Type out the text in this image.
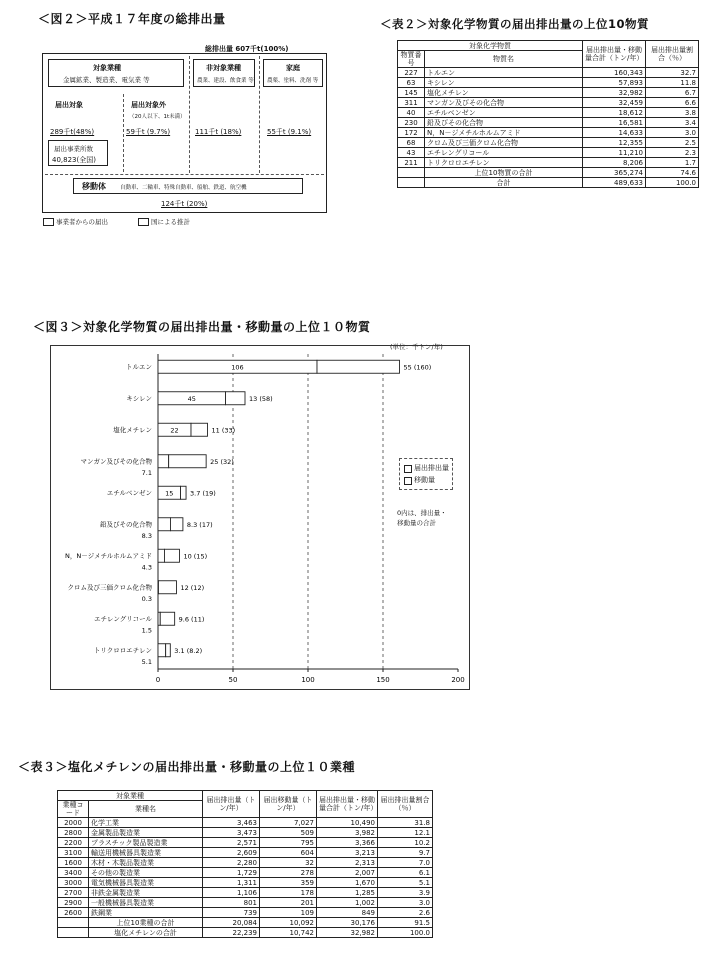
＜図２＞平成１７年度の総排出量
総排出量 607千t(100%)
対象業種
金属鉱業、製造業、電気業 等
届出対象	届出対象外
（20人以下、1t未満）
289千t(48%)	59千t (9.7%)
届出事業所数
40,823(全国)
非対象業種
農業、建設、飲食業 等
111千t (18%)
家庭
農薬、塗料、洗剤 等
55千t (9.1%)
移動体	自動車、二輪車、特殊自動車、船舶、鉄道、航空機
124千t (20%)
事業者からの届出	国による推計
＜表２＞対象化学物質の届出排出量の上位10物質
対象化学物質		届出排出量・移動量合計（トン/年）	届出排出量割合（％）
物質番号	物質名		
227	トルエン	160,343	32.7
63	キシレン	57,893	11.8
145	塩化メチレン	32,982	6.7
311	マンガン及びその化合物	32,459	6.6
40	エチルベンゼン	18,612	3.8
230	鉛及びその化合物	16,581	3.4
172	N，N－ジメチルホルムアミド	14,633	3.0
68	クロム及び三価クロム化合物	12,355	2.5
43	エチレングリコール	11,210	2.3
211	トリクロロエチレン	8,206	1.7
	上位10物質の合計	365,274	74.6
	合計	489,633	100.0
＜図３＞対象化学物質の届出排出量・移動量の上位１０物質
(単位：千トン/年)
0	50	100	150	200
トルエン	106	55 (160)
キシレン	45	13 (58)
塩化メチレン	22	11 (33)
マンガン及びその化合物
7.1
25 (32)
エチルベンゼン 15	3.7 (19)
鉛及びその化合物
8.3
8.3 (17)
N，N－ジメチルホルムアミド
4.3
10 (15)
クロム及び三価クロム化合物
0.3
12 (12)
エチレングリコール
1.5
9.6 (11)
トリクロロエチレン
5.1
3.1 (8.2)
届出排出量
移動量
0内は、排出量・
移動量の合計
＜表３＞塩化メチレンの届出排出量・移動量の上位１０業種
対象業種		届出排出量（トン/年）	届出移動量（トン/年）	届出排出量・移動量合計（トン/年）	届出排出量割合（％）
業種コード	業種名				
2000	化学工業	3,463	7,027	10,490	31.8
2800	金属製品製造業	3,473	509	3,982	12.1
2200	プラスチック製品製造業	2,571	795	3,366	10.2
3100	輸送用機械器具製造業	2,609	604	3,213	9.7
1600	木材・木製品製造業	2,280	32	2,313	7.0
3400	その他の製造業	1,729	278	2,007	6.1
3000	電気機械器具製造業	1,311	359	1,670	5.1
2700	非鉄金属製造業	1,106	178	1,285	3.9
2900	一般機械器具製造業	801	201	1,002	3.0
2600	鉄鋼業	739	109	849	2.6
	上位10業種の合計	20,084	10,092	30,176	91.5
	塩化メチレンの合計	22,239	10,742	32,982	100.0
